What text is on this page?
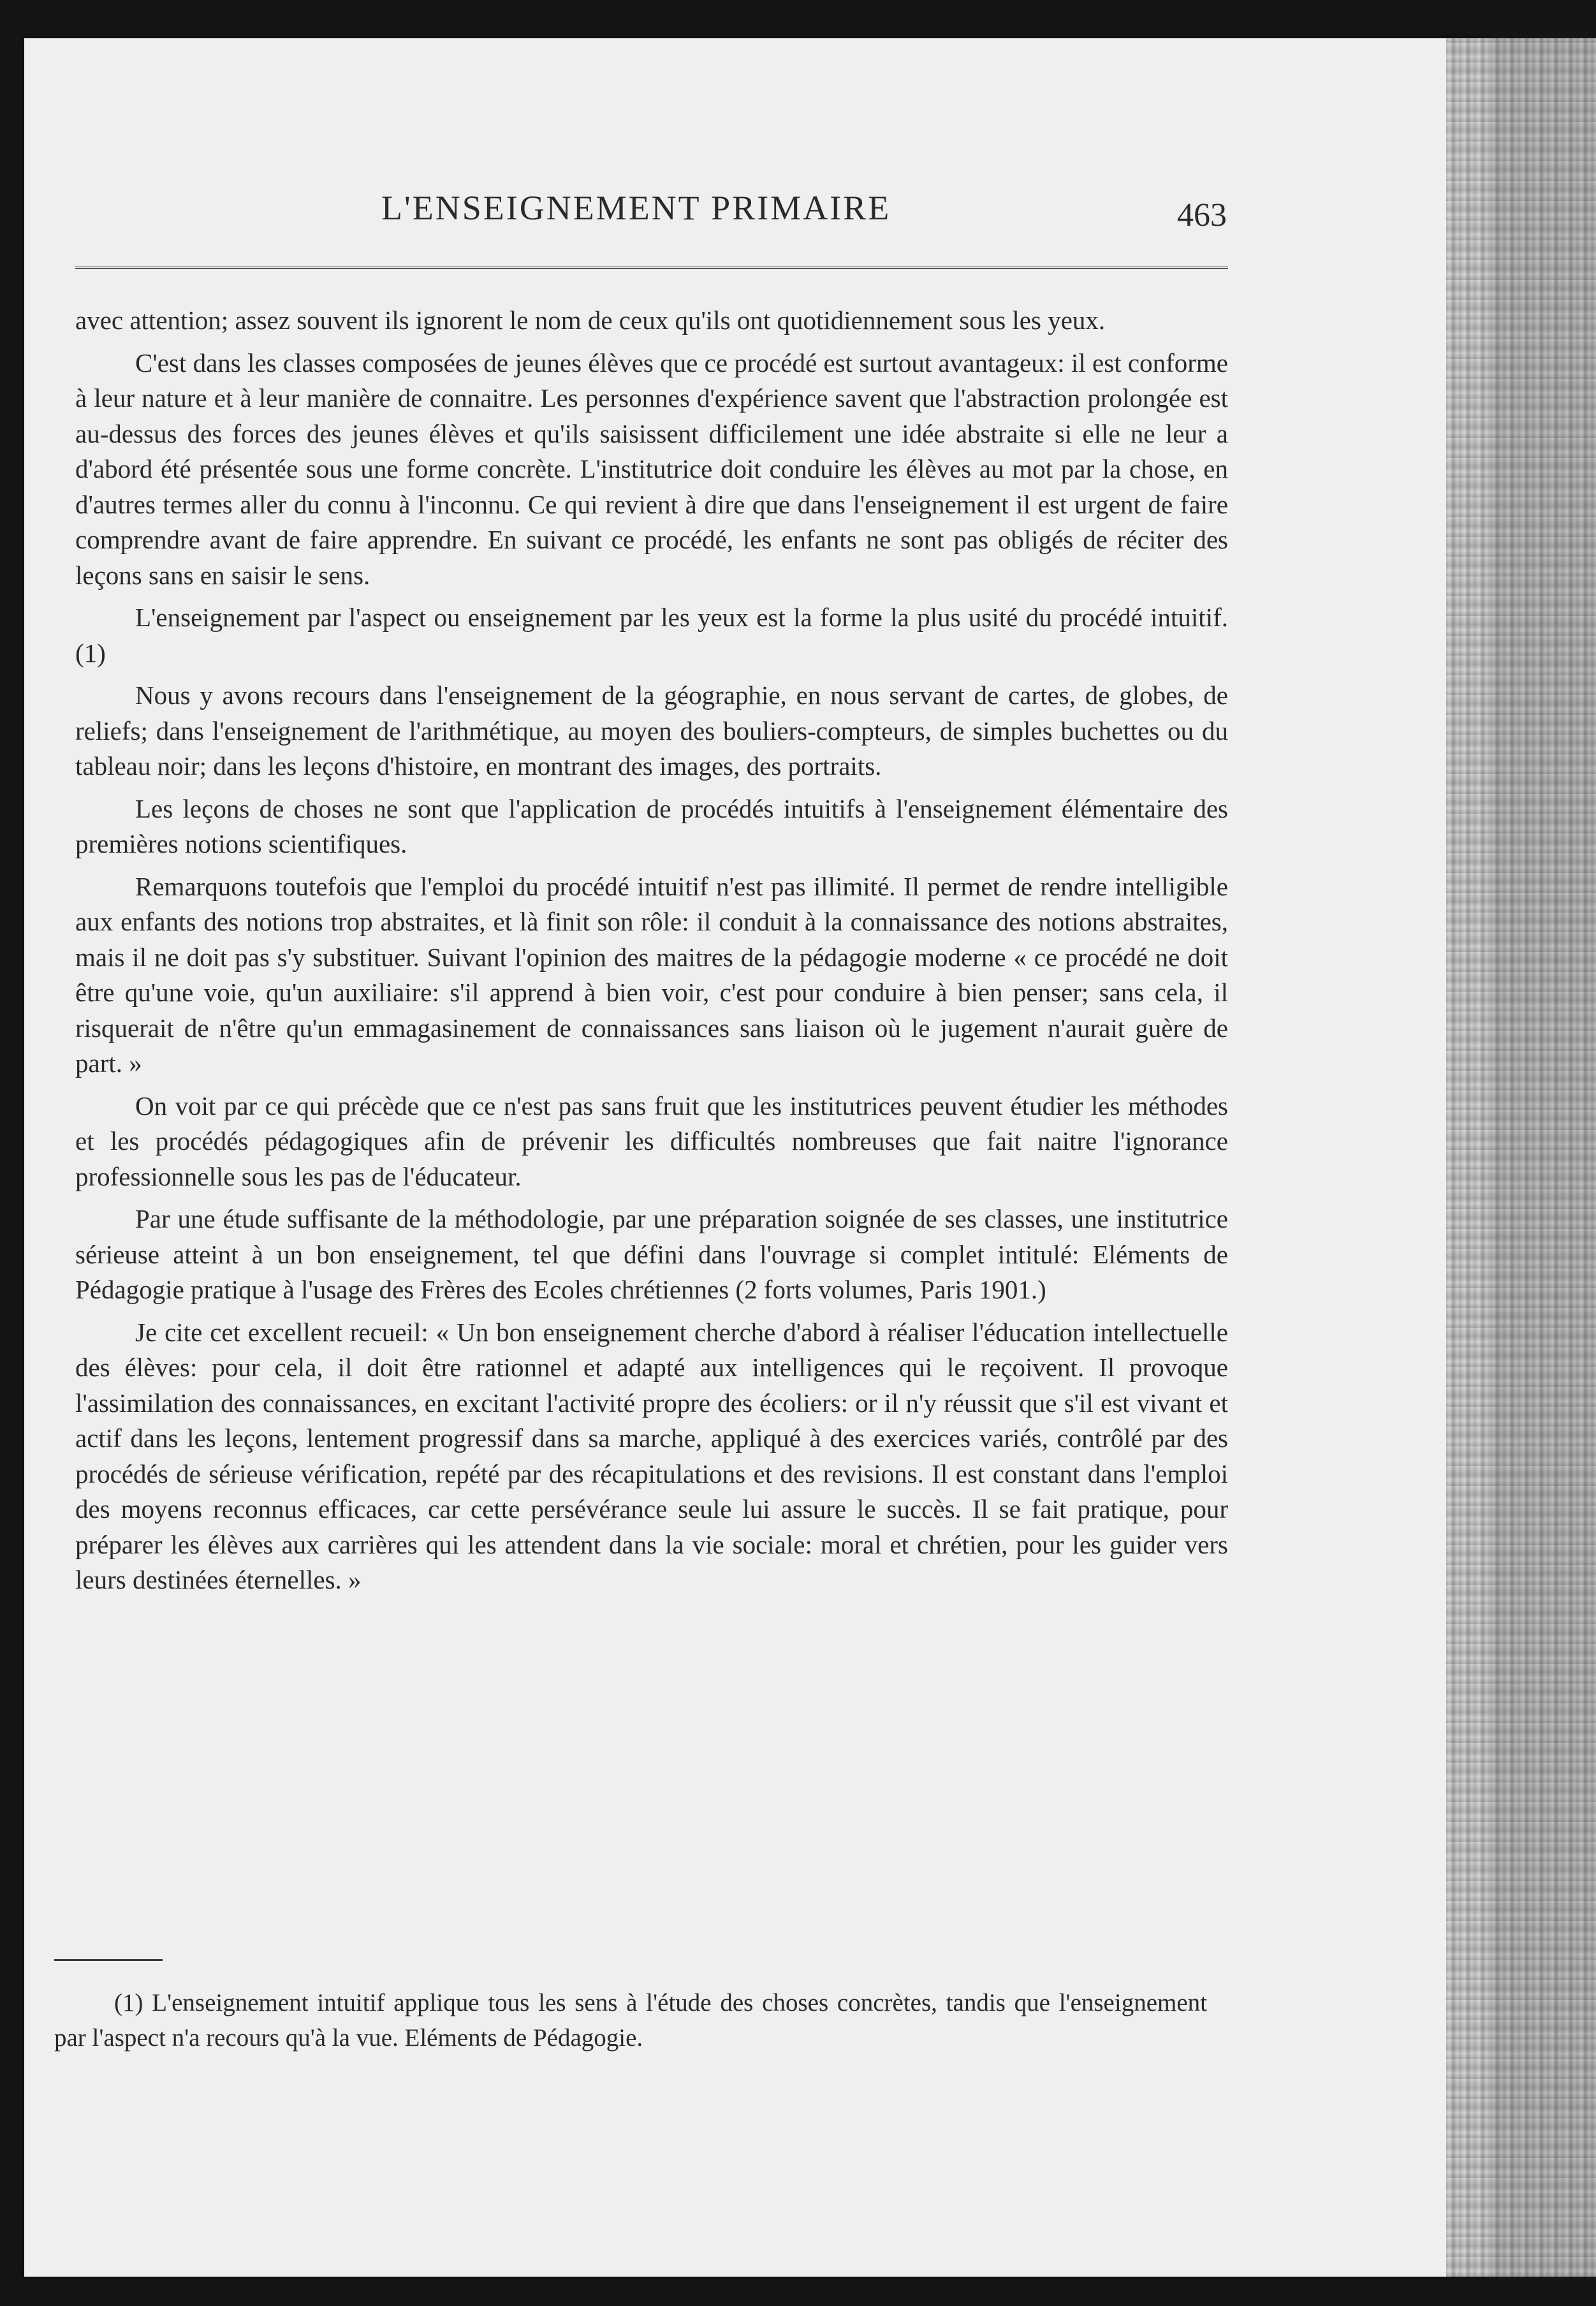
L'ENSEIGNEMENT PRIMAIRE	463

avec attention; assez souvent ils ignorent le nom de ceux qu'ils ont quotidiennement sous les yeux.

C'est dans les classes composées de jeunes élèves que ce procédé est surtout avantageux: il est conforme à leur nature et à leur manière de connaitre. Les personnes d'expérience savent que l'abstraction prolongée est au-dessus des forces des jeunes élèves et qu'ils saisissent difficilement une idée abstraite si elle ne leur a d'abord été présentée sous une forme concrète. L'institutrice doit conduire les élèves au mot par la chose, en d'autres termes aller du connu à l'inconnu. Ce qui revient à dire que dans l'enseignement il est urgent de faire comprendre avant de faire apprendre. En suivant ce procédé, les enfants ne sont pas obligés de réciter des leçons sans en saisir le sens.

L'enseignement par l'aspect ou enseignement par les yeux est la forme la plus usité du procédé intuitif. (1)

Nous y avons recours dans l'enseignement de la géographie, en nous servant de cartes, de globes, de reliefs; dans l'enseignement de l'arithmétique, au moyen des bouliers-compteurs, de simples buchettes ou du tableau noir; dans les leçons d'histoire, en montrant des images, des portraits.

Les leçons de choses ne sont que l'application de procédés intuitifs à l'enseignement élémentaire des premières notions scientifiques.

Remarquons toutefois que l'emploi du procédé intuitif n'est pas illimité. Il permet de rendre intelligible aux enfants des notions trop abstraites, et là finit son rôle: il conduit à la connaissance des notions abstraites, mais il ne doit pas s'y substituer. Suivant l'opinion des maitres de la pédagogie moderne « ce procédé ne doit être qu'une voie, qu'un auxiliaire: s'il apprend à bien voir, c'est pour conduire à bien penser; sans cela, il risquerait de n'être qu'un emmagasinement de connaissances sans liaison où le jugement n'aurait guère de part. »

On voit par ce qui précède que ce n'est pas sans fruit que les institutrices peuvent étudier les méthodes et les procédés pédagogiques afin de prévenir les difficultés nombreuses que fait naitre l'ignorance professionnelle sous les pas de l'éducateur.

Par une étude suffisante de la méthodologie, par une préparation soignée de ses classes, une institutrice sérieuse atteint à un bon enseignement, tel que défini dans l'ouvrage si complet intitulé: Eléments de Pédagogie pratique à l'usage des Frères des Ecoles chrétiennes (2 forts volumes, Paris 1901.)

Je cite cet excellent recueil: « Un bon enseignement cherche d'abord à réaliser l'éducation intellectuelle des élèves: pour cela, il doit être rationnel et adapté aux intelligences qui le reçoivent. Il provoque l'assimilation des connaissances, en excitant l'activité propre des écoliers: or il n'y réussit que s'il est vivant et actif dans les leçons, lentement progressif dans sa marche, appliqué à des exercices variés, contrôlé par des procédés de sérieuse vérification, repété par des récapitulations et des revisions. Il est constant dans l'emploi des moyens reconnus efficaces, car cette persévérance seule lui assure le succès. Il se fait pratique, pour préparer les élèves aux carrières qui les attendent dans la vie sociale: moral et chrétien, pour les guider vers leurs destinées éternelles. »

(1) L'enseignement intuitif applique tous les sens à l'étude des choses concrètes, tandis que l'enseignement par l'aspect n'a recours qu'à la vue. Eléments de Pédagogie.
